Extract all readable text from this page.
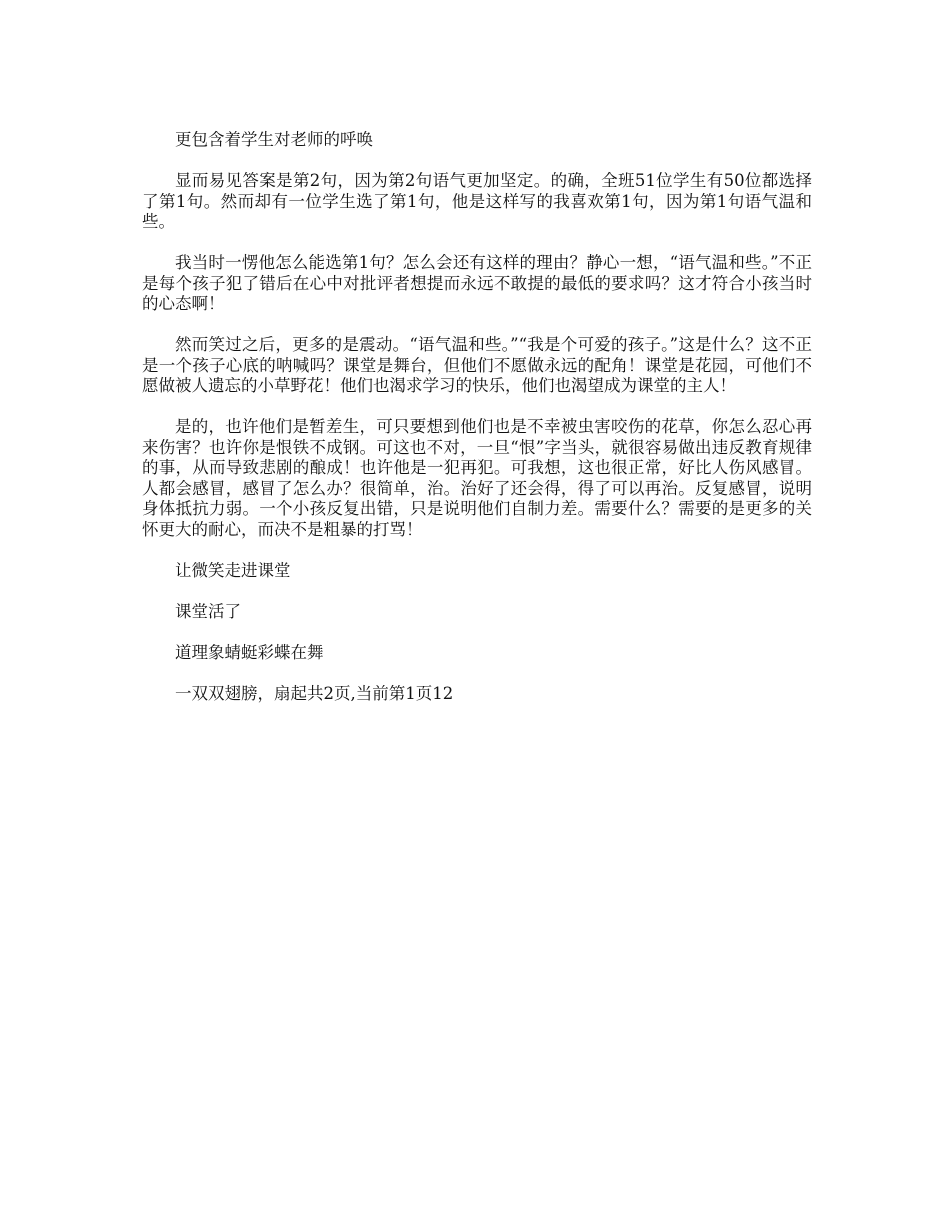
更包含着学生对老师的呼唤

显而易见答案是第2句，因为第2句语气更加坚定。的确，全班51位学生有50位都选择了第1句。然而却有一位学生选了第1句，他是这样写的我喜欢第1句，因为第1句语气温和些。

我当时一愣他怎么能选第1句？怎么会还有这样的理由？静心一想，“语气温和些。”不正是每个孩子犯了错后在心中对批评者想提而永远不敢提的最低的要求吗？这才符合小孩当时的心态啊！

然而笑过之后，更多的是震动。“语气温和些。”“我是个可爱的孩子。”这是什么？这不正是一个孩子心底的呐喊吗？课堂是舞台，但他们不愿做永远的配角！课堂是花园，可他们不愿做被人遗忘的小草野花！他们也渴求学习的快乐，他们也渴望成为课堂的主人！

是的，也许他们是暂差生，可只要想到他们也是不幸被虫害咬伤的花草，你怎么忍心再来伤害？也许你是恨铁不成钢。可这也不对，一旦“恨”字当头，就很容易做出违反教育规律的事，从而导致悲剧的酿成！也许他是一犯再犯。可我想，这也很正常，好比人伤风感冒。人都会感冒，感冒了怎么办？很简单，治。治好了还会得，得了可以再治。反复感冒，说明身体抵抗力弱。一个小孩反复出错，只是说明他们自制力差。需要什么？需要的是更多的关怀更大的耐心，而决不是粗暴的打骂！

让微笑走进课堂

课堂活了

道理象蜻蜓彩蝶在舞

一双双翅膀，扇起共2页,当前第1页12
